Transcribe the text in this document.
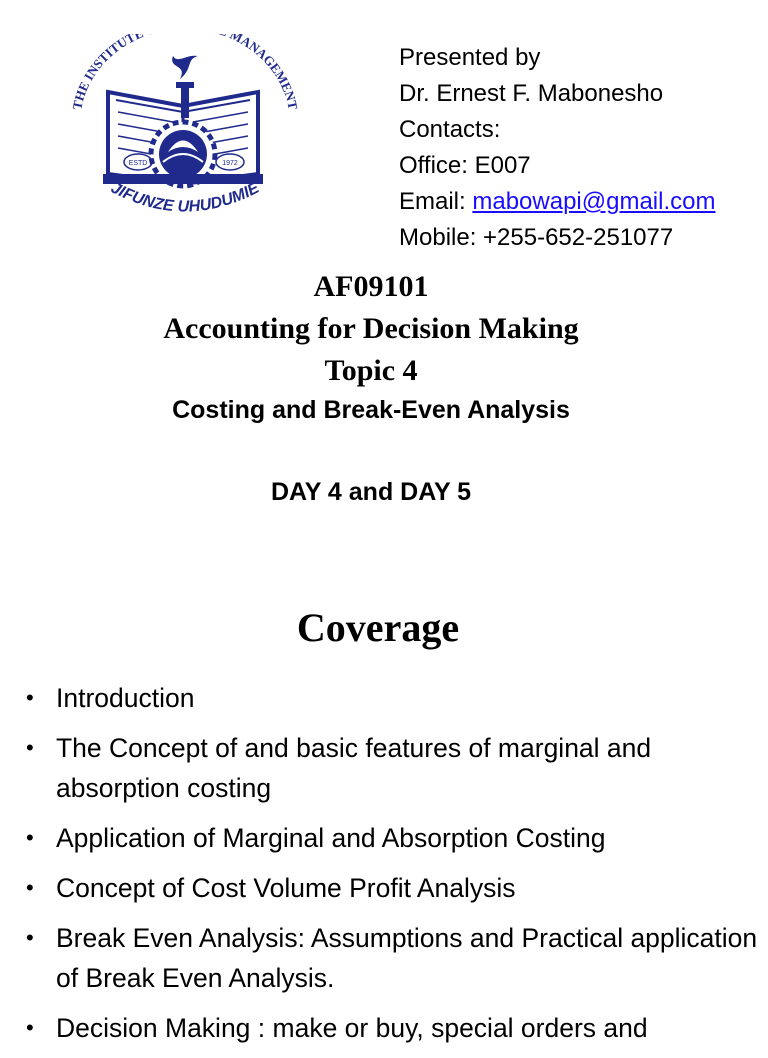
THE INSTITUT MANAGEMENT
ESTD	1972
JIFUNZE UHUDUMIE
Presented by
Dr. Ernest F. Mabonesho
Contacts:
Office: E007
Email: mabowapi@gmail.com
Mobile: +255-652-251077
AF09101
Accounting for Decision Making
Topic 4
Costing and Break-Even Analysis
DAY 4 and DAY 5
Coverage
• Introduction
• The Concept of and basic features of marginal and absorption costing
• Application of Marginal and Absorption Costing
• Concept of Cost Volume Profit Analysis
• Break Even Analysis: Assumptions and Practical application of Break Even Analysis.
• Decision Making : make or buy, special orders and
